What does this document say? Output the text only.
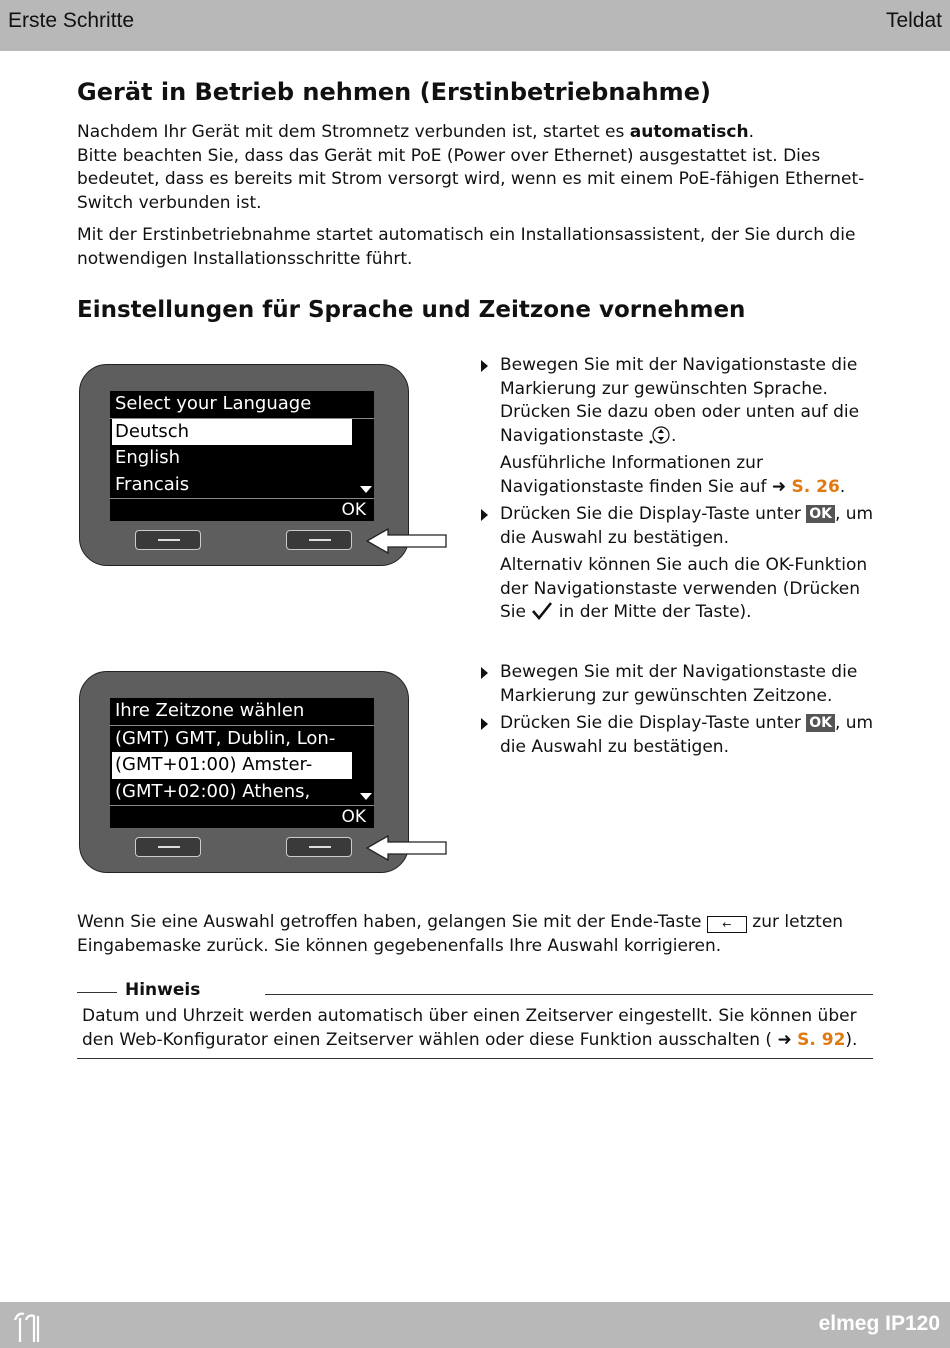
Erste Schritte	Teldat
Gerät in Betrieb nehmen (Erstinbetriebnahme)

Nachdem Ihr Gerät mit dem Stromnetz verbunden ist, startet es automatisch.
Bitte beachten Sie, dass das Gerät mit PoE (Power over Ethernet) ausgestattet ist. Dies bedeutet, dass es bereits mit Strom versorgt wird, wenn es mit einem PoE-fähigen Ethernet-Switch verbunden ist.

Mit der Erstinbetriebnahme startet automatisch ein Installationsassistent, der Sie durch die notwendigen Installationsschritte führt.

Einstellungen für Sprache und Zeitzone vornehmen
Select your Language
Deutsch
English
Francais
OK
Ihre Zeitzone wählen
(GMT) GMT, Dublin, Lon-
(GMT+01:00) Amster-
(GMT+02:00) Athens,
OK

Bewegen Sie mit der Navigationstaste die Markierung zur gewünschten Sprache. Drücken Sie dazu oben oder unten auf die Navigationstaste .

Ausführliche Informationen zur Navigationstaste finden Sie auf ➜ S. 26.

Drücken Sie die Display-Taste unter OK , um die Auswahl zu bestätigen.

Alternativ können Sie auch die OK-Funktion der Navigationstaste verwenden (Drücken Sie in der Mitte der Taste).

Bewegen Sie mit der Navigationstaste die Markierung zur gewünschten Zeitzone.

Drücken Sie die Display-Taste unter OK , um die Auswahl zu bestätigen.

Wenn Sie eine Auswahl getroffen haben, gelangen Sie mit der Ende-Taste ← zur letzten Eingabemaske zurück. Sie können gegebenenfalls Ihre Auswahl korrigieren.

Hinweis

Datum und Uhrzeit werden automatisch über einen Zeitserver eingestellt. Sie können über den Web-Konfigurator einen Zeitserver wählen oder diese Funktion ausschalten ( ➜ S. 92).

elmeg IP120
